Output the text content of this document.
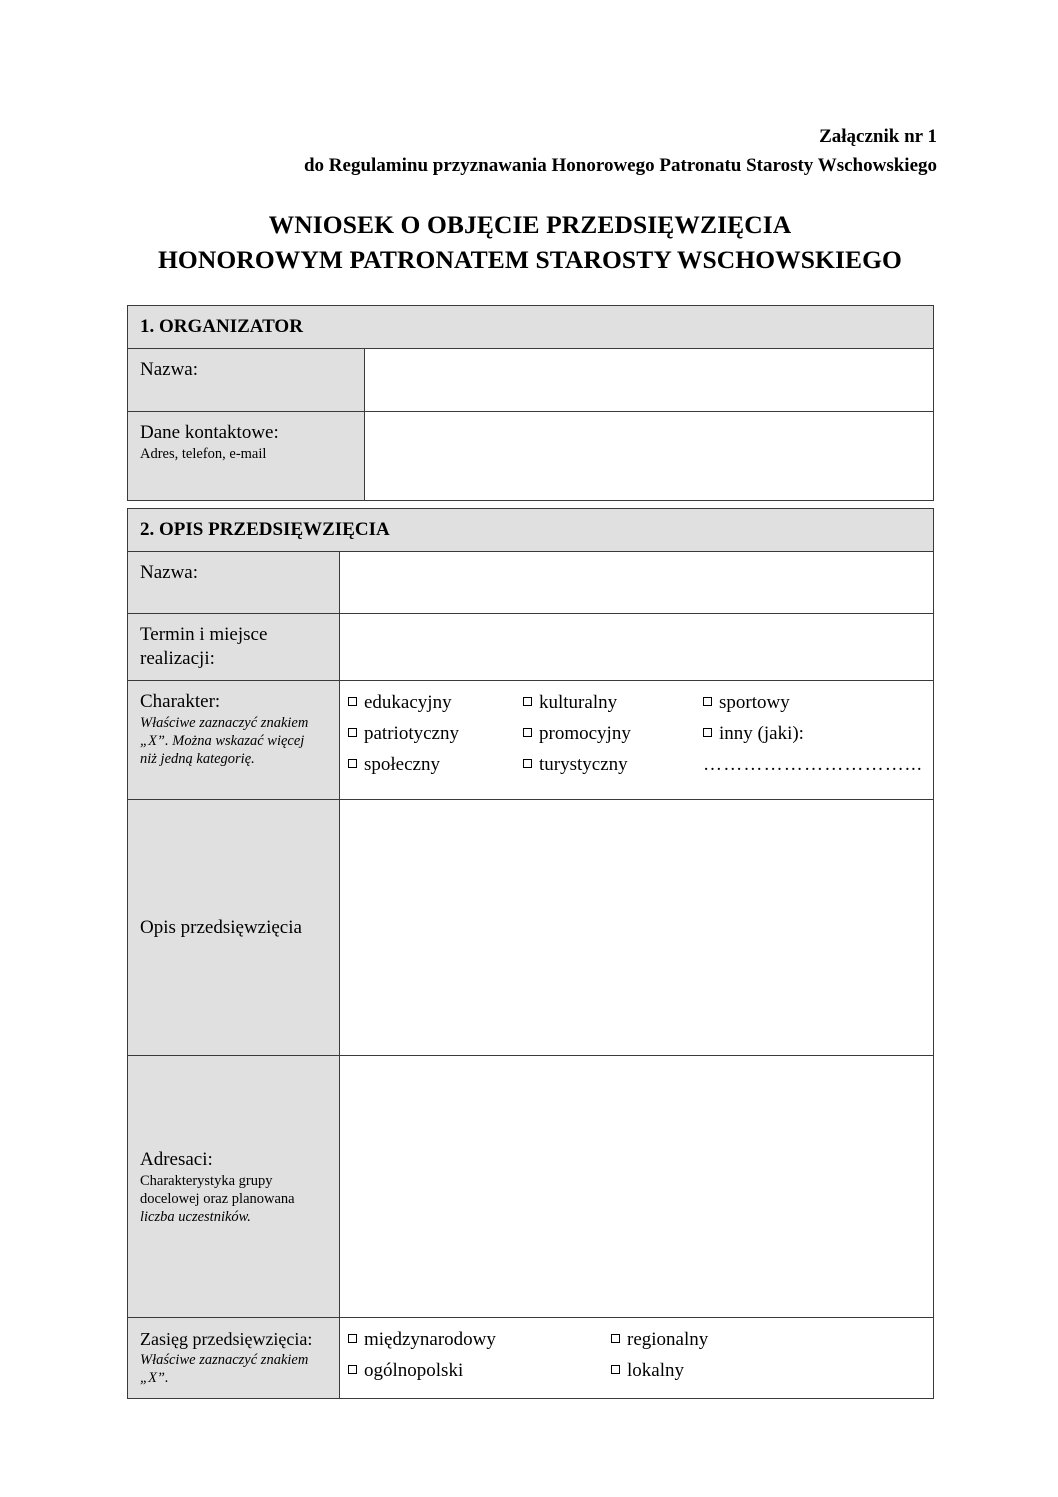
Załącznik nr 1
do Regulaminu przyznawania Honorowego Patronatu Starosty Wschowskiego
WNIOSEK O OBJĘCIE PRZEDSIĘWZIĘCIA
HONOROWYM PATRONATEM STAROSTY WSCHOWSKIEGO
1. ORGANIZATOR	

Nazwa:	

Dane kontaktowe:
Adres, telefon, e-mail	

2. OPIS PRZEDSIĘWZIĘCIA

Nazwa:

Termin i miejsce
realizacji:

Charakter:
Właściwe zaznaczyć znakiem
„X”. Można wskazać więcej
niż jedną kategorię.

edukacyjny	kulturalny	sportowy
patriotyczny	promocyjny	inny (jaki):
społeczny	turystyczny	…………………………...

Opis przedsięwzięcia

Adresaci:
Charakterystyka grupy
docelowej oraz planowana
liczba uczestników.

Zasięg przedsięwzięcia:
Właściwe zaznaczyć znakiem
„X”.

międzynarodowy	regionalny
ogólnopolski	lokalny
